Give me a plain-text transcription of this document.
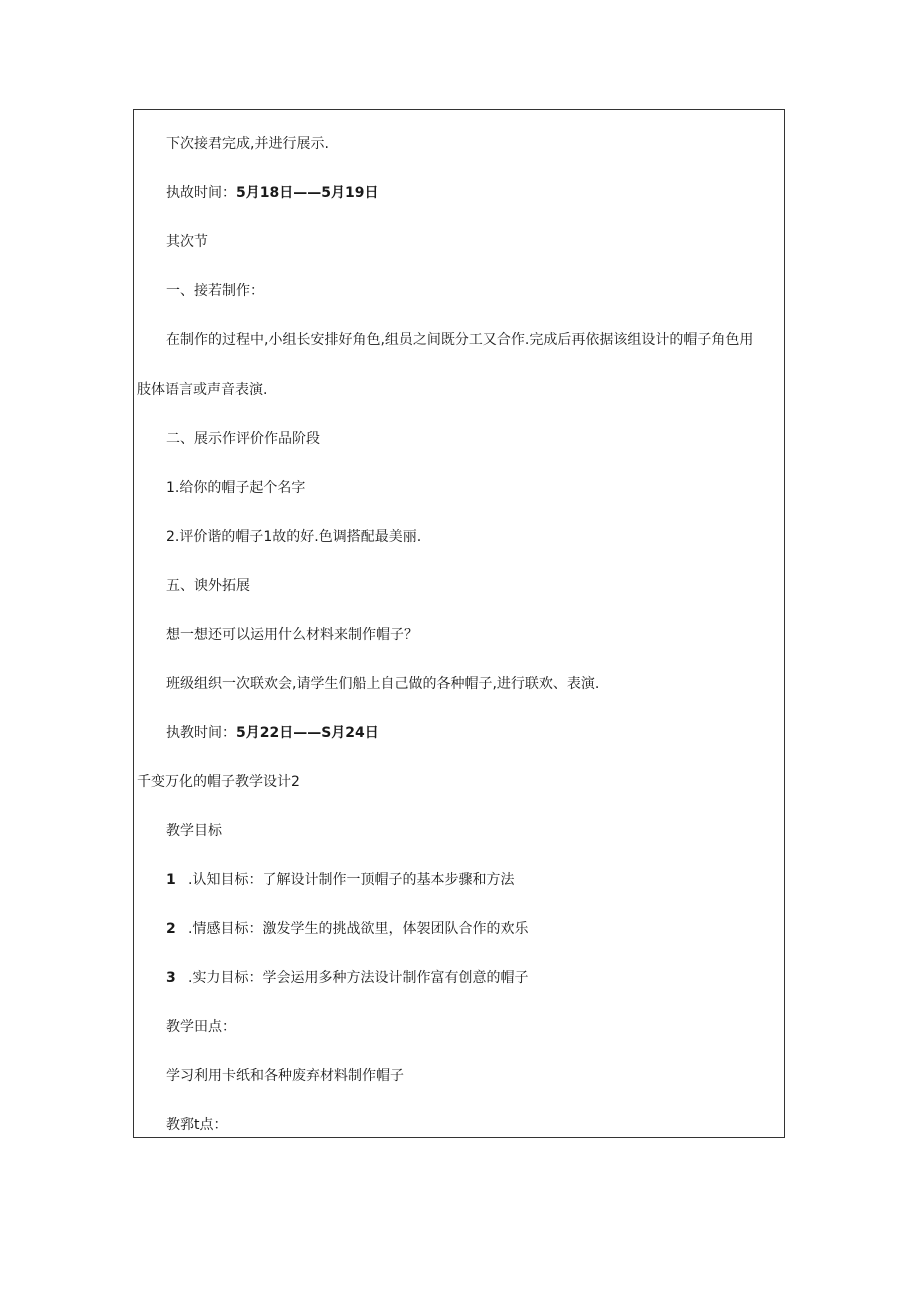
下次接君完成,并进行展示.
执故时间：5月18日——5月19日
其次节
一、接若制作：
在制作的过程中,小组长安排好角色,组员之间既分工又合作.完成后再依据该组设计的帽子角色用
肢体语言或声音表演.
二、展示作评价作品阶段
1.给你的帽子起个名字
2.评价谐的帽子1故的好.色调搭配最美丽.
五、谀外拓展
想一想还可以运用什么材料来制作帽子？
班级组织一次联欢会,请学生们船上自己做的各种帽子,进行联欢、表演.
执教时间：5月22日——S月24日
千变万化的帽子教学设计2
教学目标
1 .认知目标：了解设计制作一顶帽子的基本步骤和方法
2 .情感目标：激发学生的挑战欲里，体袈团队合作的欢乐
3 .实力目标：学会运用多种方法设计制作富有创意的帽子
教学田点：
学习利用卡纸和各种废弃材料制作帽子
教郛t点：
